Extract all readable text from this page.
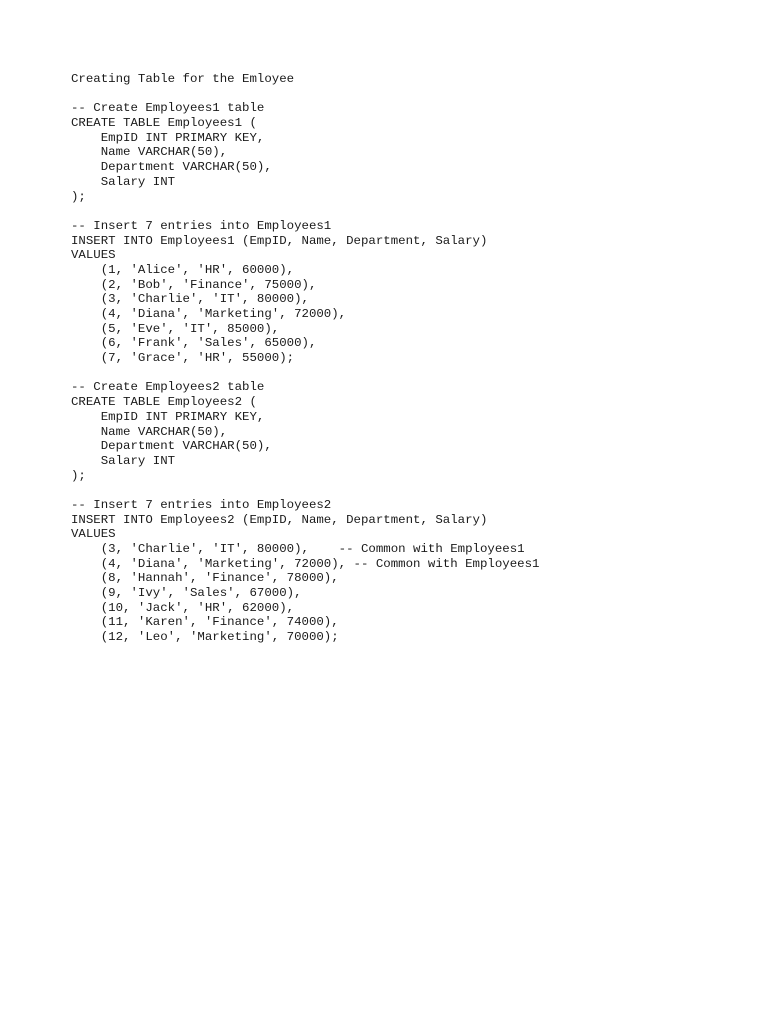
Creating Table for the Emloyee
-- Create Employees1 table
CREATE TABLE Employees1 (
EmpID INT PRIMARY KEY,
Name VARCHAR(50),
Department VARCHAR(50),
Salary INT
);
-- Insert 7 entries into Employees1
INSERT INTO Employees1 (EmpID, Name, Department, Salary)
VALUES
(1, 'Alice', 'HR', 60000),
(2, 'Bob', 'Finance', 75000),
(3, 'Charlie', 'IT', 80000),
(4, 'Diana', 'Marketing', 72000),
(5, 'Eve', 'IT', 85000),
(6, 'Frank', 'Sales', 65000),
(7, 'Grace', 'HR', 55000);
-- Create Employees2 table
CREATE TABLE Employees2 (
EmpID INT PRIMARY KEY,
Name VARCHAR(50),
Department VARCHAR(50),
Salary INT
);
-- Insert 7 entries into Employees2
INSERT INTO Employees2 (EmpID, Name, Department, Salary)
VALUES
(3, 'Charlie', 'IT', 80000),    -- Common with Employees1
(4, 'Diana', 'Marketing', 72000), -- Common with Employees1
(8, 'Hannah', 'Finance', 78000),
(9, 'Ivy', 'Sales', 67000),
(10, 'Jack', 'HR', 62000),
(11, 'Karen', 'Finance', 74000),
(12, 'Leo', 'Marketing', 70000);
